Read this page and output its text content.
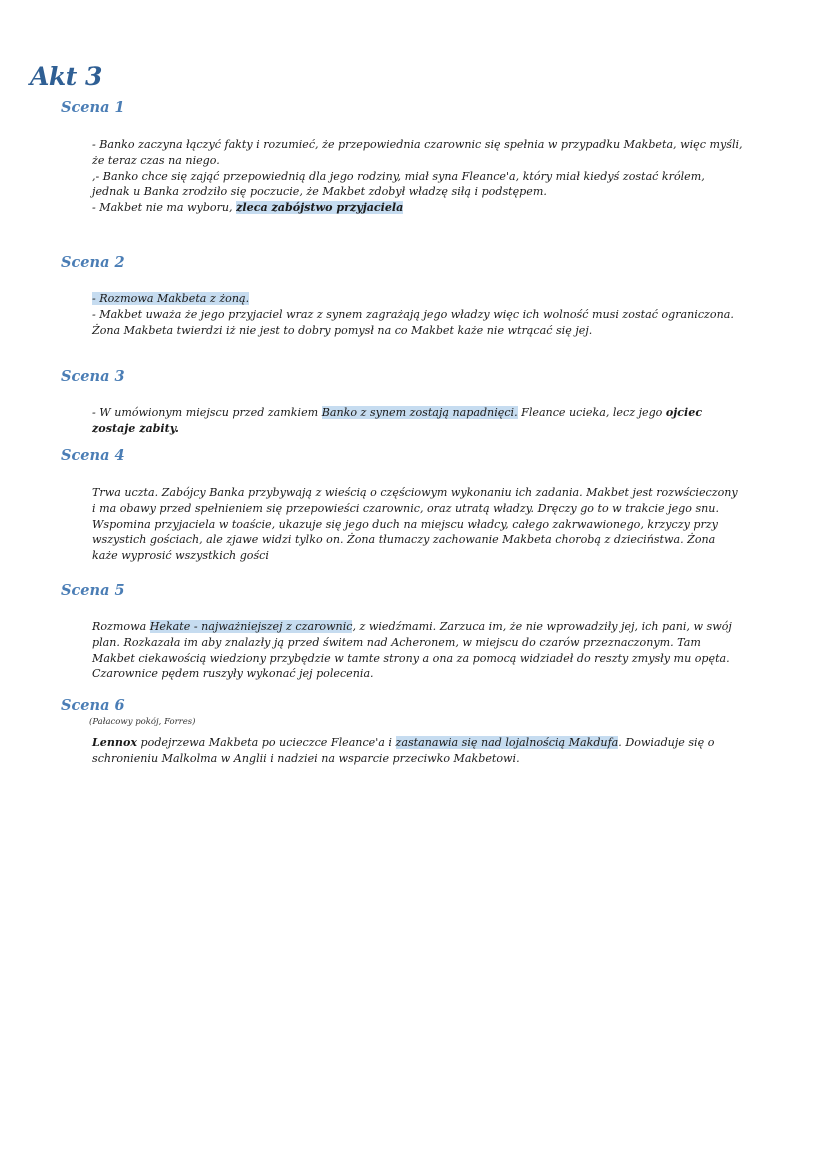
Akt 3
Scena 1

- Banko zaczyna łączyć fakty i rozumieć, że przepowiednia czarownic się spełnia w przypadku Makbeta, więc myśli, że teraz czas na niego.

,- Banko chce się zająć przepowiednią dla jego rodziny, miał syna Fleance'a, który miał kiedyś zostać królem, jednak u Banka zrodziło się poczucie, że Makbet zdobył władzę siłą i podstępem.

- Makbet nie ma wyboru, zleca zabójstwo przyjaciela

Scena 2

- Rozmowa Makbeta z żoną.

- Makbet uważa że jego przyjaciel wraz z synem zagrażają jego władzy więc ich wolność musi zostać ograniczona. Żona Makbeta twierdzi iż nie jest to dobry pomysł na co Makbet każe nie wtrącać się jej.

Scena 3

- W umówionym miejscu przed zamkiem Banko z synem zostają napadnięci. Fleance ucieka, lecz jego ojciec zostaje zabity.

Scena 4

Trwa uczta. Zabójcy Banka przybywają z wieścią o częściowym wykonaniu ich zadania. Makbet jest rozwścieczony i ma obawy przed spełnieniem się przepowieści czarownic, oraz utratą władzy. Dręczy go to w trakcie jego snu. Wspomina przyjaciela w toaście, ukazuje się jego duch na miejscu władcy, całego zakrwawionego, krzyczy przy wszystich gościach, ale zjawe widzi tylko on. Żona tłumaczy zachowanie Makbeta chorobą z dzieciństwa. Żona każe wyprosić wszystkich gości

Scena 5

Rozmowa Hekate - najważniejszej z czarownic, z wiedźmami. Zarzuca im, że nie wprowadziły jej, ich pani, w swój plan. Rozkazała im aby znalazły ją przed świtem nad Acheronem, w miejscu do czarów przeznaczonym. Tam Makbet ciekawością wiedziony przybędzie w tamte strony a ona za pomocą widziadeł do reszty zmysły mu opęta. Czarownice pędem ruszyły wykonać jej polecenia.

Scena 6

(Pałacowy pokój, Forres)

Lennox podejrzewa Makbeta po ucieczce Fleance'a i zastanawia się nad lojalnością Makdufa. Dowiaduje się o schronieniu Malkolma w Anglii i nadziei na wsparcie przeciwko Makbetowi.
